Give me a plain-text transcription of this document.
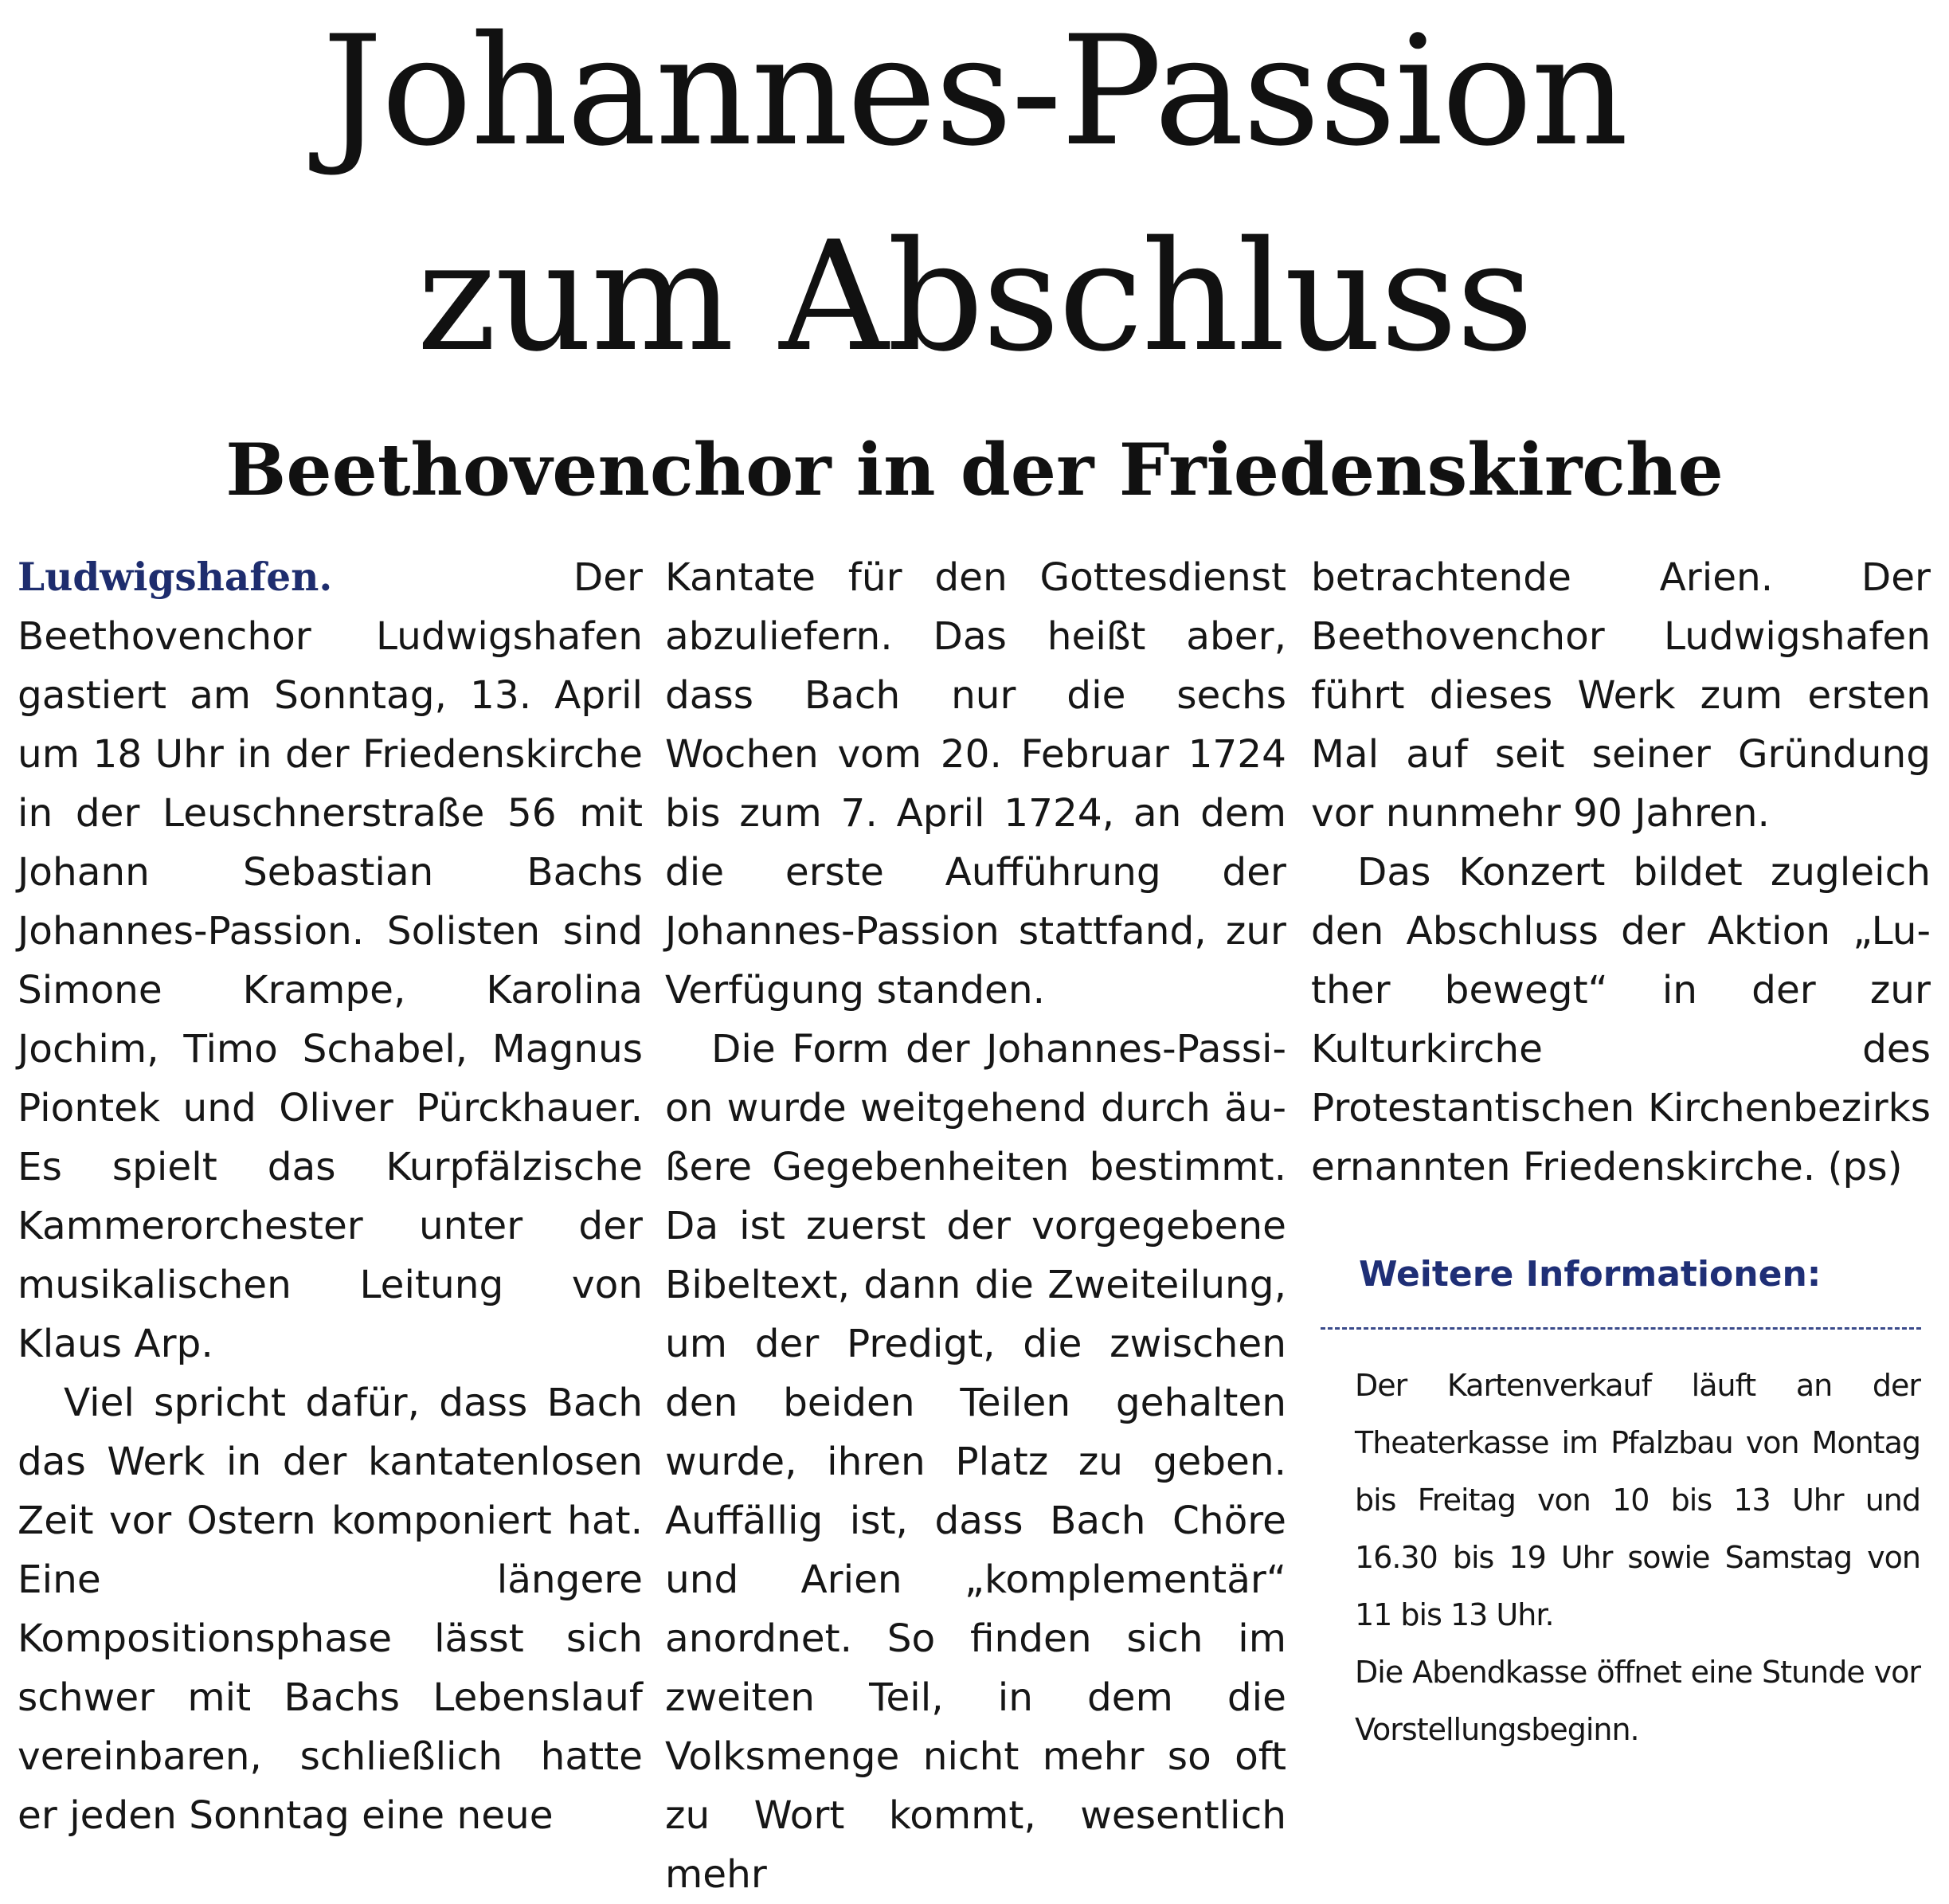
Johannes-Passion
zum Abschluss
Beethovenchor in der Friedenskirche

Ludwigshafen.	Der Beethovenchor Ludwigshafen gastiert am Sonntag, 13. April um 18 Uhr in der Friedenskirche in der Leuschnerstraße 56 mit Johann Sebastian Bachs Johannes-Passion. Solisten sind Simone Krampe, Karolina Jochim, Timo Schabel, Magnus Piontek und Oliver Pürckhauer. Es spielt das Kurpfälzische Kammerorchester unter der musikalischen Leitung von Klaus Arp.

Viel spricht dafür, dass Bach das Werk in der kantatenlosen Zeit vor Ostern komponiert hat. Eine längere Kompositionsphase lässt sich schwer mit Bachs Lebenslauf vereinbaren, schließlich hatte er jeden Sonntag eine neue

Kantate für den Gottesdienst abzuliefern. Das heißt aber, dass Bach nur die sechs Wochen vom 20. Februar 1724 bis zum 7. April 1724, an dem die erste Aufführung der Johannes-Passion stattfand, zur Verfügung standen.

Die Form der Johannes-Passion wurde weitgehend durch äußere Gegebenheiten bestimmt. Da ist zuerst der vorgegebene Bibeltext, dann die Zweiteilung, um der Predigt, die zwischen den beiden Teilen gehalten wurde, ihren Platz zu geben. Auffällig ist, dass Bach Chöre und Arien „komplementär“ anordnet. So finden sich im zweiten Teil, in dem die Volksmenge nicht mehr so oft zu Wort kommt, wesentlich mehr

betrachtende Arien. Der Beethovenchor Ludwigshafen führt dieses Werk zum ersten Mal auf seit seiner Gründung vor nunmehr 90 Jahren.

Das Konzert bildet zugleich den Abschluss der Aktion „Luther bewegt“ in der zur Kulturkirche des Protestantischen Kirchenbezirks ernannten Friedenskirche. (ps)

Weitere Informationen:

Der Kartenverkauf läuft an der Theaterkasse im Pfalzbau von Montag bis Freitag von 10 bis 13 Uhr und 16.30 bis 19 Uhr sowie Samstag von 11 bis 13 Uhr.

Die Abendkasse öffnet eine Stunde vor Vorstellungsbeginn.
